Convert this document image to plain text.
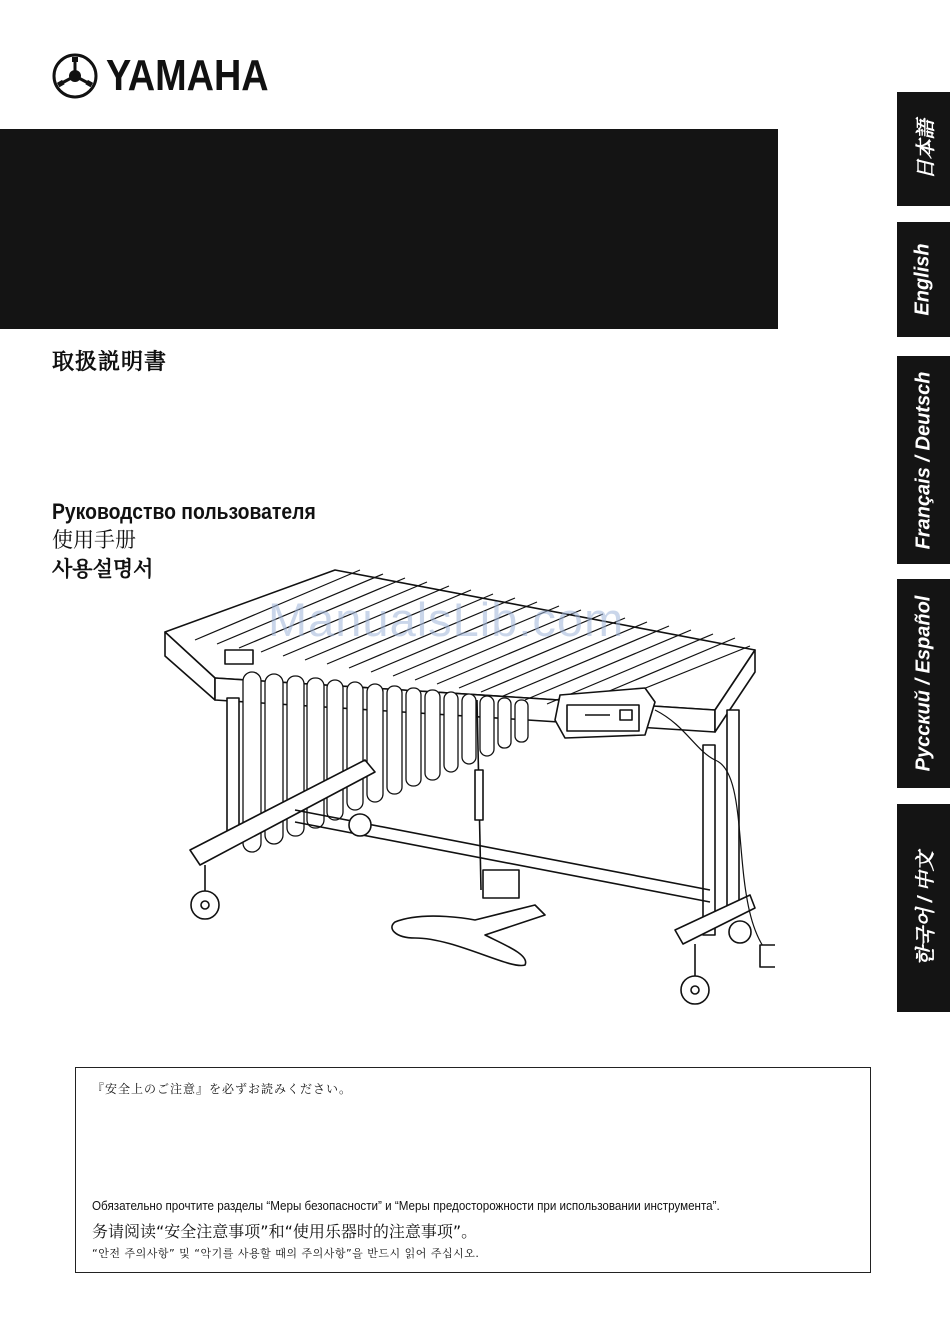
YAMAHA
取扱説明書
Руководство пользователя
使用手册
사용설명서
日本語
English
Français / Deutsch
Русский / Español
한국어 / 中文
ManualsLib.com
『安全上のご注意』を必ずお読みください。
Обязательно прочтите разделы “Меры безопасности” и “Меры предосторожности при использовании инструмента”.
务请阅读“安全注意事项”和“使用乐器时的注意事项”。
“안전 주의사항” 및 “악기를 사용할 때의 주의사항”을 반드시 읽어 주십시오.
